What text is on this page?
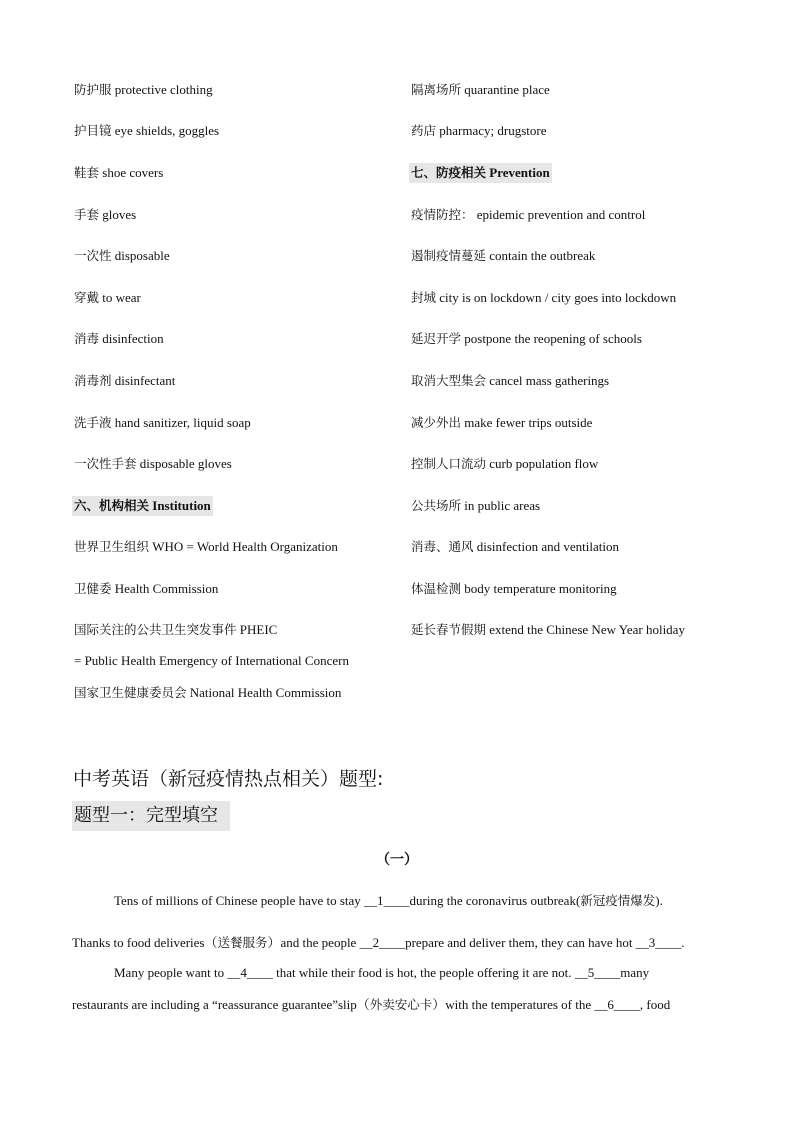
防护服 protective clothing
护目镜 eye shields, goggles
鞋套 shoe covers
手套 gloves
一次性 disposable
穿戴 to wear
消毒 disinfection
消毒剂 disinfectant
洗手液 hand sanitizer, liquid soap
一次性手套 disposable gloves
六、机构相关 Institution
世界卫生组织 WHO = World Health Organization
卫健委 Health Commission
国际关注的公共卫生突发事件 PHEIC
= Public Health Emergency of International Concern
国家卫生健康委员会 National Health Commission
隔离场所 quarantine place
药店 pharmacy; drugstore
七、防疫相关 Prevention
疫情防控： epidemic prevention and control
遏制疫情蔓延 contain the outbreak
封城 city is on lockdown / city goes into lockdown
延迟开学 postpone the reopening of schools
取消大型集会 cancel mass gatherings
减少外出 make fewer trips outside
控制人口流动 curb population flow
公共场所 in public areas
消毒、通风 disinfection and ventilation
体温检测 body temperature monitoring
延长春节假期 extend the Chinese New Year holiday
中考英语（新冠疫情热点相关）题型:
题型一：完型填空
（一）
Tens of millions of Chinese people have to stay __1____during the coronavirus outbreak(新冠疫情爆发).
Thanks to food deliveries（送餐服务）and the people __2____prepare and deliver them, they can have hot __3____.
Many people want to __4____ that while their food is hot, the people offering it are not. __5____many
restaurants are including a “reassurance guarantee”slip（外卖安心卡）with the temperatures of the __6____, food
